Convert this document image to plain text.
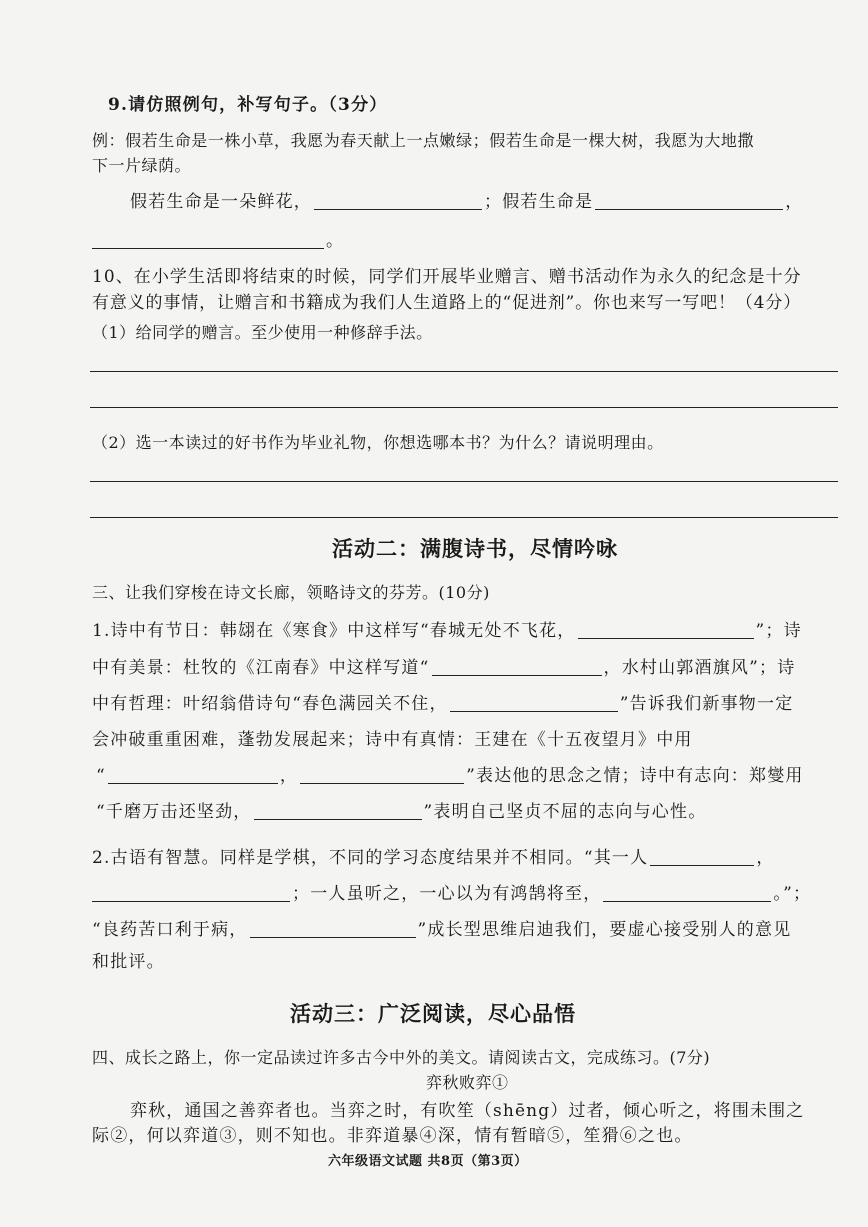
9.请仿照例句，补写句子。（3分）
例：假若生命是一株小草，我愿为春天献上一点嫩绿；假若生命是一棵大树，我愿为大地撒
下一片绿荫。
假若生命是一朵鲜花，	；假若生命是	，
。
10、在小学生活即将结束的时候，同学们开展毕业赠言、赠书活动作为永久的纪念是十分
有意义的事情，让赠言和书籍成为我们人生道路上的“促进剂”。你也来写一写吧！（4分）
（1）给同学的赠言。至少使用一种修辞手法。
（2）选一本读过的好书作为毕业礼物，你想选哪本书？为什么？请说明理由。
活动二：满腹诗书，尽情吟咏
三、让我们穿梭在诗文长廊，领略诗文的芬芳。(10分)
1.诗中有节日：韩翃在《寒食》中这样写“春城无处不飞花，	”；诗
中有美景：杜牧的《江南春》中这样写道“	，水村山郭酒旗风”；诗
中有哲理：叶绍翁借诗句“春色满园关不住，	”告诉我们新事物一定
会冲破重重困难，蓬勃发展起来；诗中有真情：王建在《十五夜望月》中用
“	，	”表达他的思念之情；诗中有志向：郑燮用
“千磨万击还坚劲，	”表明自己坚贞不屈的志向与心性。
2.古语有智慧。同样是学棋，不同的学习态度结果并不相同。“其一人	，
；一人虽听之，一心以为有鸿鹄将至，	。”；
“良药苦口利于病，	”成长型思维启迪我们，要虚心接受别人的意见
和批评。
活动三：广泛阅读，尽心品悟
四、成长之路上，你一定品读过许多古今中外的美文。请阅读古文，完成练习。(7分)
弈秋败弈①
弈秋，通国之善弈者也。当弈之时，有吹笙（shēng）过者，倾心听之，将围未围之
际②，何以弈道③，则不知也。非弈道暴④深，情有暂暗⑤，笙猾⑥之也。
六年级语文试题 共8页（第3页）
